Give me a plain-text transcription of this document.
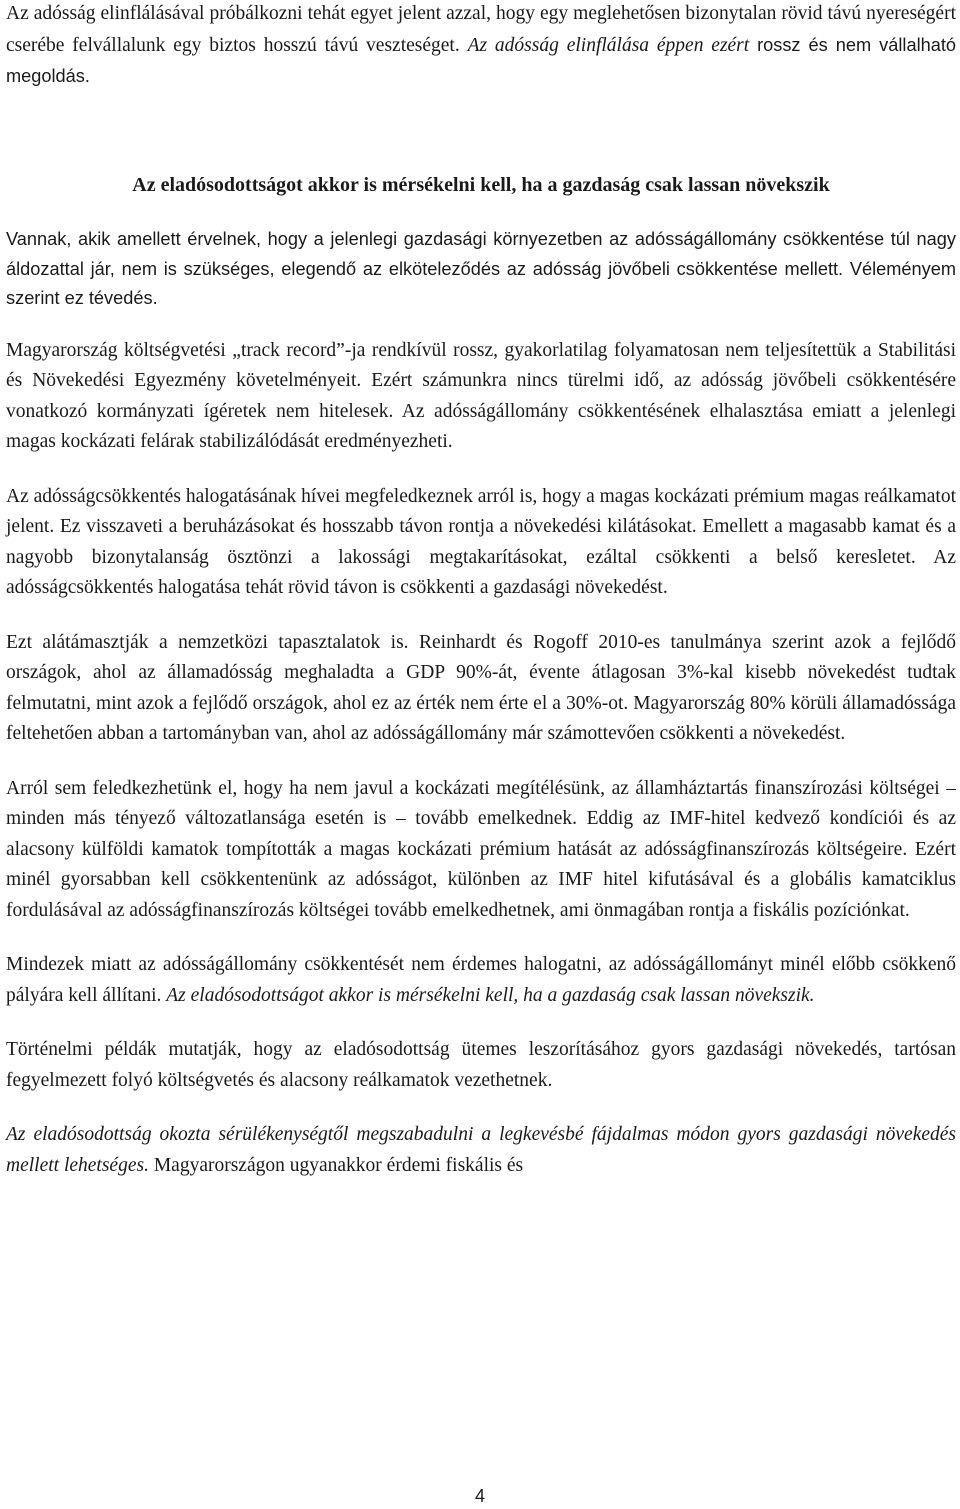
Az adósság elinflálásával próbálkozni tehát egyet jelent azzal, hogy egy meglehetősen bizonytalan rövid távú nyereségért cserébe felvállalunk egy biztos hosszú távú veszteséget. Az adósság elinflálása éppen ezért rossz és nem vállalható megoldás.

Az eladósodottságot akkor is mérsékelni kell, ha a gazdaság csak lassan növekszik

Vannak, akik amellett érvelnek, hogy a jelenlegi gazdasági környezetben az adósságállomány csökkentése túl nagy áldozattal jár, nem is szükséges, elegendő az elköteleződés az adósság jövőbeli csökkentése mellett. Véleményem szerint ez tévedés.

Magyarország költségvetési „track record”-ja rendkívül rossz, gyakorlatilag folyamatosan nem teljesítettük a Stabilitási és Növekedési Egyezmény követelményeit. Ezért számunkra nincs türelmi idő, az adósság jövőbeli csökkentésére vonatkozó kormányzati ígéretek nem hitelesek. Az adósságállomány csökkentésének elhalasztása emiatt a jelenlegi magas kockázati felárak stabilizálódását eredményezheti.

Az adósságcsökkentés halogatásának hívei megfeledkeznek arról is, hogy a magas kockázati prémium magas reálkamatot jelent. Ez visszaveti a beruházásokat és hosszabb távon rontja a növekedési kilátásokat. Emellett a magasabb kamat és a nagyobb bizonytalanság ösztönzi a lakossági megtakarításokat, ezáltal csökkenti a belső keresletet. Az adósságcsökkentés halogatása tehát rövid távon is csökkenti a gazdasági növekedést.

Ezt alátámasztják a nemzetközi tapasztalatok is. Reinhardt és Rogoff 2010-es tanulmánya szerint azok a fejlődő országok, ahol az államadósság meghaladta a GDP 90%-át, évente átlagosan 3%-kal kisebb növekedést tudtak felmutatni, mint azok a fejlődő országok, ahol ez az érték nem érte el a 30%-ot. Magyarország 80% körüli államadóssága feltehetően abban a tartományban van, ahol az adósságállomány már számottevően csökkenti a növekedést.

Arról sem feledkezhetünk el, hogy ha nem javul a kockázati megítélésünk, az államháztartás finanszírozási költségei – minden más tényező változatlansága esetén is – tovább emelkednek. Eddig az IMF-hitel kedvező kondíciói és az alacsony külföldi kamatok tompították a magas kockázati prémium hatását az adósságfinanszírozás költségeire. Ezért minél gyorsabban kell csökkentenünk az adósságot, különben az IMF hitel kifutásával és a globális kamatciklus fordulásával az adósságfinanszírozás költségei tovább emelkedhetnek, ami önmagában rontja a fiskális pozíciónkat.

Mindezek miatt az adósságállomány csökkentését nem érdemes halogatni, az adósságállományt minél előbb csökkenő pályára kell állítani. Az eladósodottságot akkor is mérsékelni kell, ha a gazdaság csak lassan növekszik.

Történelmi példák mutatják, hogy az eladósodottság ütemes leszorításához gyors gazdasági növekedés, tartósan fegyelmezett folyó költségvetés és alacsony reálkamatok vezethetnek.

Az eladósodottság okozta sérülékenységtől megszabadulni a legkevésbé fájdalmas módon gyors gazdasági növekedés mellett lehetséges. Magyarországon ugyanakkor érdemi fiskális és

4
